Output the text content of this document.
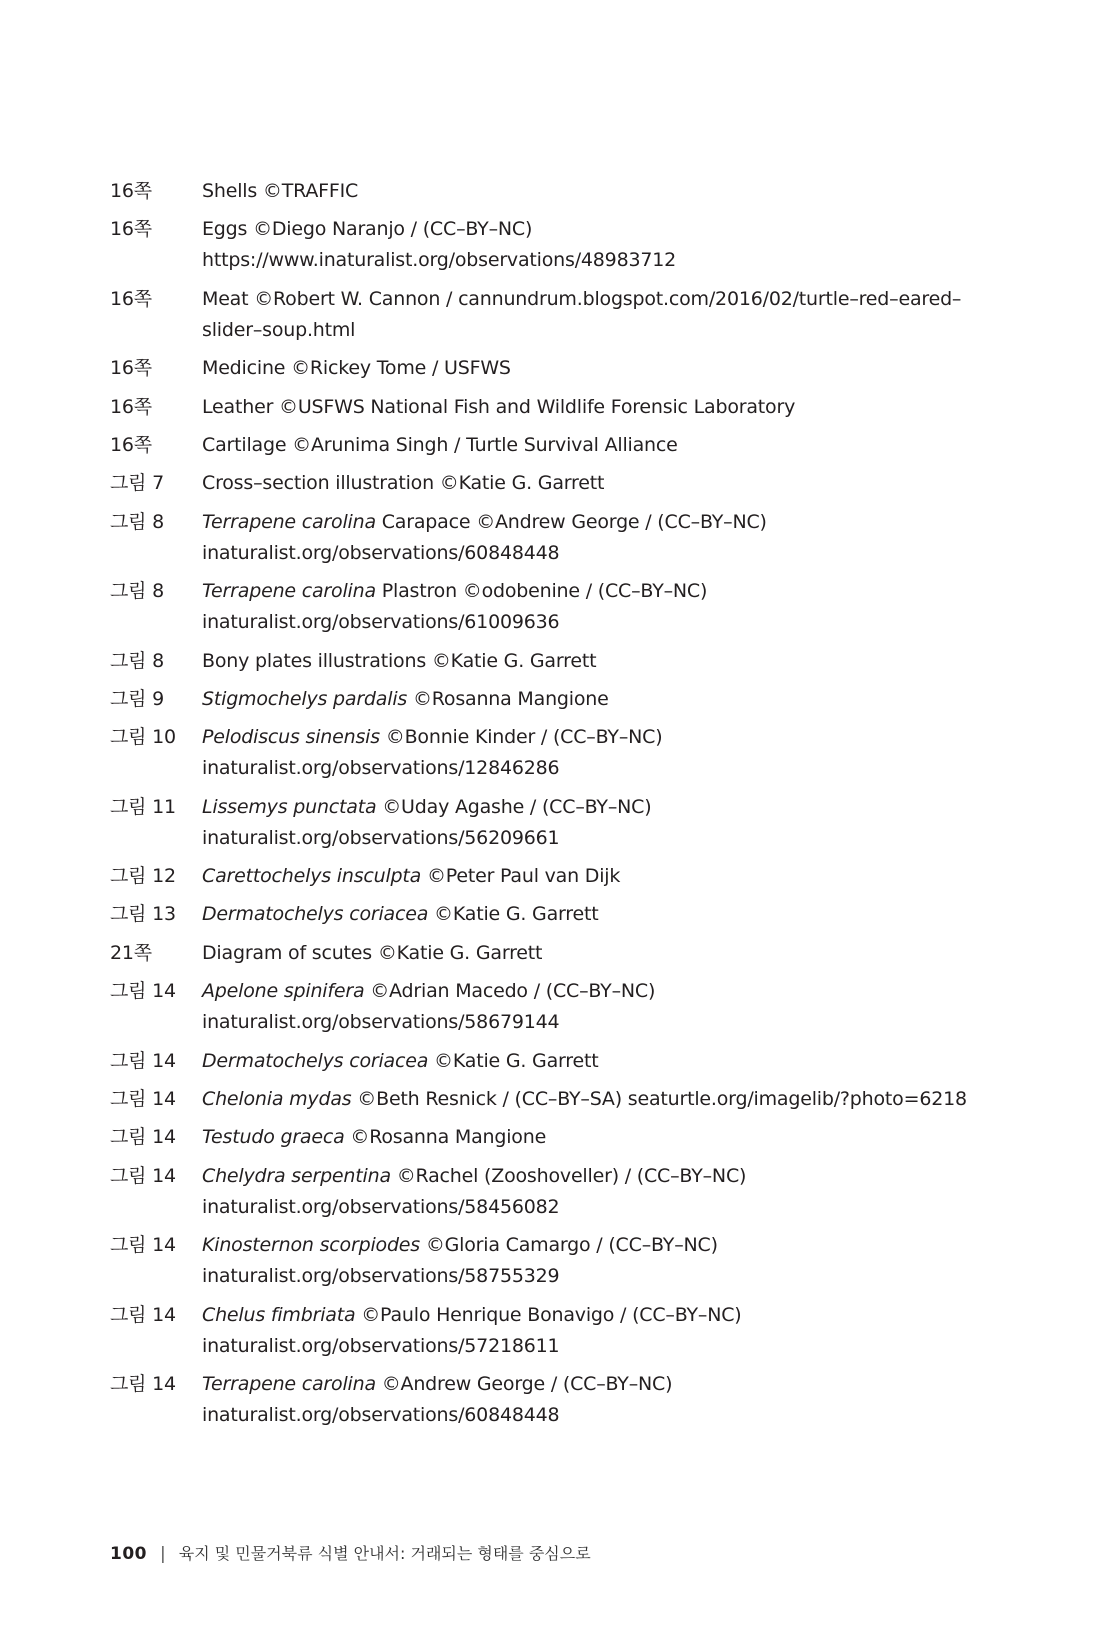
16쪽	Shells ©TRAFFIC
16쪽	Eggs ©Diego Naranjo / (CC–BY–NC) https://www.inaturalist.org/observations/48983712
16쪽	Meat ©Robert W. Cannon / cannundrum.blogspot.com/2016/02/turtle–red–eared–slider–soup.html
16쪽	Medicine ©Rickey Tome / USFWS
16쪽	Leather ©USFWS National Fish and Wildlife Forensic Laboratory
16쪽	Cartilage ©Arunima Singh / Turtle Survival Alliance
그림 7	Cross–section illustration ©Katie G. Garrett
그림 8	Terrapene carolina Carapace ©Andrew George / (CC–BY–NC) inaturalist.org/observations/60848448
그림 8	Terrapene carolina Plastron ©odobenine / (CC–BY–NC) inaturalist.org/observations/61009636
그림 8	Bony plates illustrations ©Katie G. Garrett
그림 9	Stigmochelys pardalis ©Rosanna Mangione
그림 10	Pelodiscus sinensis ©Bonnie Kinder / (CC–BY–NC) inaturalist.org/observations/12846286
그림 11	Lissemys punctata ©Uday Agashe / (CC–BY–NC) inaturalist.org/observations/56209661
그림 12	Carettochelys insculpta ©Peter Paul van Dijk
그림 13	Dermatochelys coriacea ©Katie G. Garrett
21쪽	Diagram of scutes ©Katie G. Garrett
그림 14	Apelone spinifera ©Adrian Macedo / (CC–BY–NC) inaturalist.org/observations/58679144
그림 14	Dermatochelys coriacea ©Katie G. Garrett
그림 14	Chelonia mydas ©Beth Resnick / (CC–BY–SA) seaturtle.org/imagelib/?photo=6218
그림 14	Testudo graeca ©Rosanna Mangione
그림 14	Chelydra serpentina ©Rachel (Zooshoveller) / (CC–BY–NC) inaturalist.org/observations/58456082
그림 14	Kinosternon scorpiodes ©Gloria Camargo / (CC–BY–NC) inaturalist.org/observations/58755329
그림 14	Chelus fimbriata ©Paulo Henrique Bonavigo / (CC–BY–NC) inaturalist.org/observations/57218611
그림 14	Terrapene carolina ©Andrew George / (CC–BY–NC) inaturalist.org/observations/60848448
100 | 육지 및 민물거북류 식별 안내서: 거래되는 형태를 중심으로
